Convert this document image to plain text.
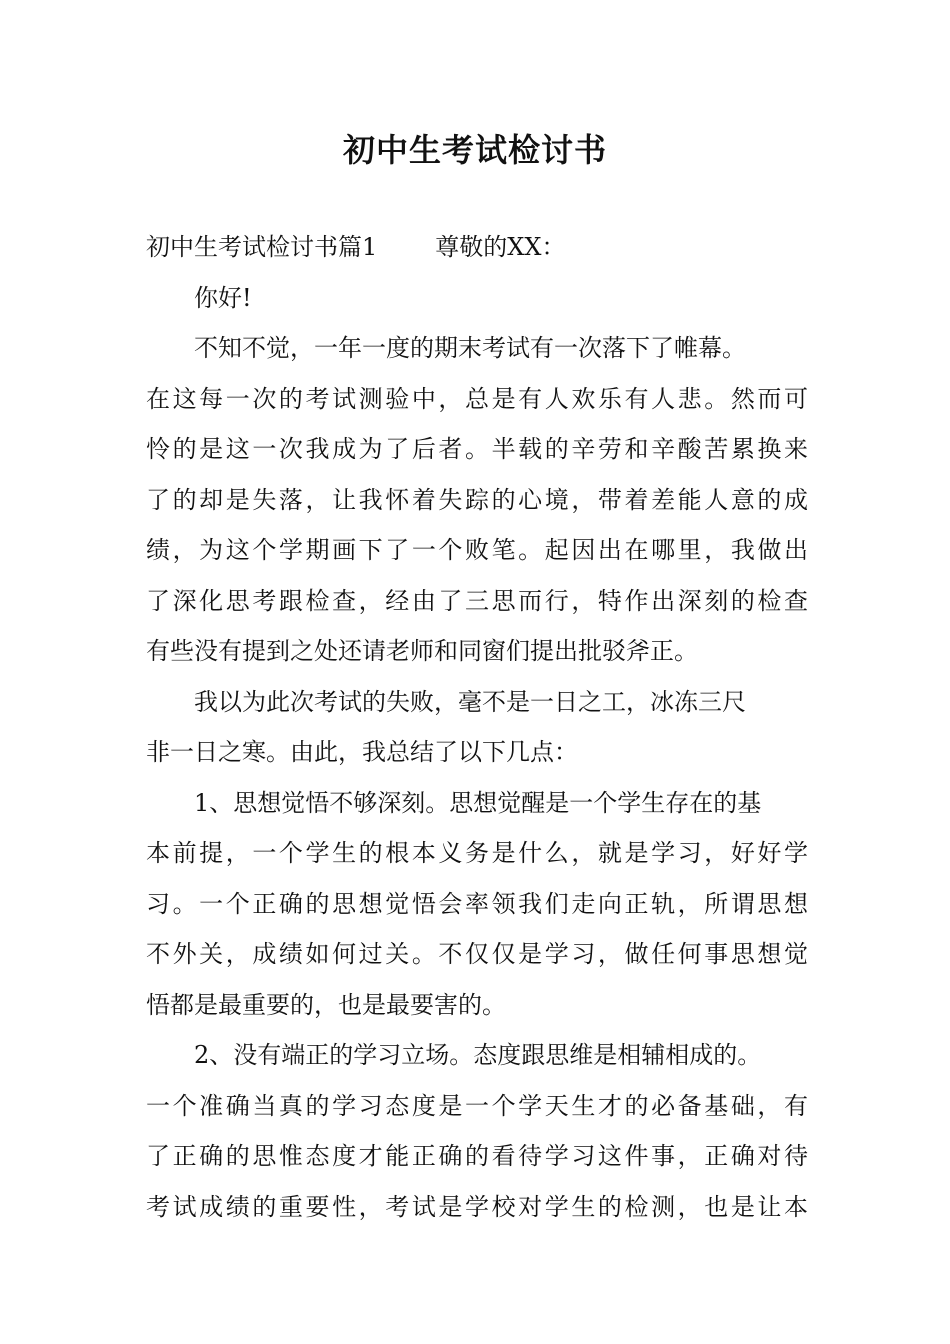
初中生考试检讨书
初中生考试检讨书篇1 尊敬的XX：
你好!
不知不觉，一年一度的期末考试有一次落下了帷幕。
在这每一次的考试测验中，总是有人欢乐有人悲。然而可
怜的是这一次我成为了后者。半载的辛劳和辛酸苦累换来
了的却是失落，让我怀着失踪的心境，带着差能人意的成
绩，为这个学期画下了一个败笔。起因出在哪里，我做出
了深化思考跟检查，经由了三思而行，特作出深刻的检查
有些没有提到之处还请老师和同窗们提出批驳斧正。
我以为此次考试的失败，毫不是一日之工，冰冻三尺
非一日之寒。由此，我总结了以下几点：
1、思想觉悟不够深刻。思想觉醒是一个学生存在的基
本前提，一个学生的根本义务是什么，就是学习，好好学
习。一个正确的思想觉悟会率领我们走向正轨，所谓思想
不外关，成绩如何过关。不仅仅是学习，做任何事思想觉
悟都是最重要的，也是最要害的。
2、没有端正的学习立场。态度跟思维是相辅相成的。
一个准确当真的学习态度是一个学天生才的必备基础，有
了正确的思惟态度才能正确的看待学习这件事，正确对待
考试成绩的重要性，考试是学校对学生的检测，也是让本
